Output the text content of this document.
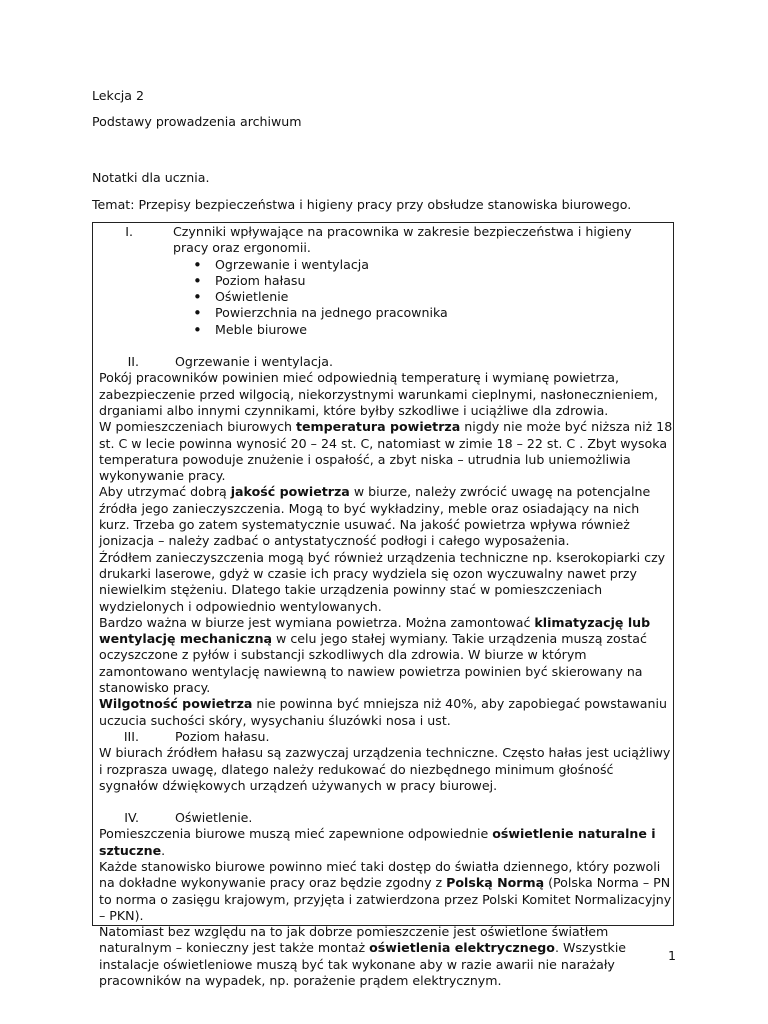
Lekcja 2
Podstawy prowadzenia archiwum
Notatki dla ucznia.
Temat: Przepisy bezpieczeństwa i higieny pracy przy obsłudze stanowiska biurowego.
I.	Czynniki wpływające na pracownika w zakresie bezpieczeństwa i higieny pracy oraz ergonomii.
• Ogrzewanie i wentylacja
• Poziom hałasu
• Oświetlenie
• Powierzchnia na jednego pracownika
• Meble biurowe
II.	Ogrzewanie i wentylacja.

Pokój pracowników powinien mieć odpowiednią temperaturę i wymianę powietrza, zabezpieczenie przed wilgocią, niekorzystnymi warunkami cieplnymi, nasłonecznieniem, drganiami albo innymi czynnikami, które byłby szkodliwe i uciążliwe dla zdrowia.

W pomieszczeniach biurowych temperatura powietrza nigdy nie może być niższa niż 18 st. C w lecie powinna wynosić 20 – 24 st. C, natomiast w zimie 18 – 22 st. C . Zbyt wysoka temperatura powoduje znużenie i ospałość, a zbyt niska – utrudnia lub uniemożliwia wykonywanie pracy.

Aby utrzymać dobrą jakość powietrza w biurze, należy zwrócić uwagę na potencjalne źródła jego zanieczyszczenia. Mogą to być wykładziny, meble oraz osiadający na nich kurz. Trzeba go zatem systematycznie usuwać. Na jakość powietrza wpływa również jonizacja – należy zadbać o antystatyczność podłogi i całego wyposażenia.

Źródłem zanieczyszczenia mogą być również urządzenia techniczne np. kserokopiarki czy drukarki laserowe, gdyż w czasie ich pracy wydziela się ozon wyczuwalny nawet przy niewielkim stężeniu. Dlatego takie urządzenia powinny stać w pomieszczeniach wydzielonych i odpowiednio wentylowanych.

Bardzo ważna w biurze jest wymiana powietrza. Można zamontować klimatyzację lub wentylację mechaniczną w celu jego stałej wymiany. Takie urządzenia muszą zostać oczyszczone z pyłów i substancji szkodliwych dla zdrowia. W biurze w którym zamontowano wentylację nawiewną to nawiew powietrza powinien być skierowany na stanowisko pracy.

Wilgotność powietrza nie powinna być mniejsza niż 40%, aby zapobiegać powstawaniu uczucia suchości skóry, wysychaniu śluzówki nosa i ust.

III.	Poziom hałasu.

W biurach źródłem hałasu są zazwyczaj urządzenia techniczne. Często hałas jest uciążliwy i rozprasza uwagę, dlatego należy redukować do niezbędnego minimum głośność sygnałów dźwiękowych urządzeń używanych w pracy biurowej.

IV.	Oświetlenie.

Pomieszczenia biurowe muszą mieć zapewnione odpowiednie oświetlenie naturalne i sztuczne.

Każde stanowisko biurowe powinno mieć taki dostęp do światła dziennego, który pozwoli na dokładne wykonywanie pracy oraz będzie zgodny z Polską Normą (Polska Norma – PN to norma o zasięgu krajowym, przyjęta i zatwierdzona przez Polski Komitet Normalizacyjny – PKN).

Natomiast bez względu na to jak dobrze pomieszczenie jest oświetlone światłem naturalnym – konieczny jest także montaż oświetlenia elektrycznego. Wszystkie instalacje oświetleniowe muszą być tak wykonane aby w razie awarii nie narażały pracowników na wypadek, np. porażenie prądem elektrycznym.

1
